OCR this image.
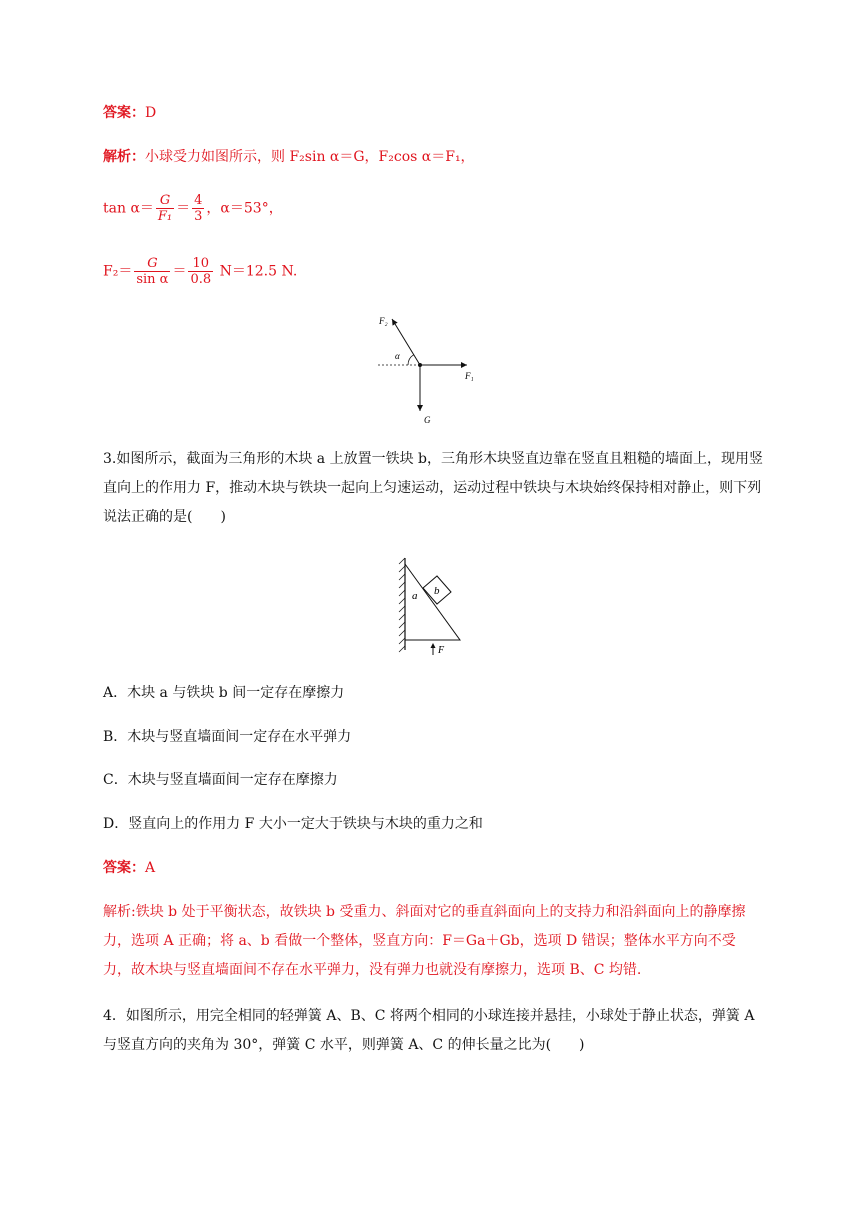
答案：D
解析：小球受力如图所示，则 F₂sin α＝G，F₂cos α＝F₁，
$\tan \alpha= \frac{G}{\text{F₁}} = \frac{4}{3}$ ，α＝53°，
$F_2= \frac{G}{\text{sin α}} = \frac{10}{0.8} N=12.5$ N.
F₂
α
F₁
G
3.如图所示，截面为三角形的木块 a 上放置一铁块 b，三角形木块竖直边靠在竖直且粗糙的墙面上，现用竖直向上的作用力 F，推动木块与铁块一起向上匀速运动，运动过程中铁块与木块始终保持相对静止，则下列说法正确的是(　　)
a b
F
A．木块 a 与铁块 b 间一定存在摩擦力
B．木块与竖直墙面间一定存在水平弹力
C．木块与竖直墙面间一定存在摩擦力
D．竖直向上的作用力 F 大小一定大于铁块与木块的重力之和
答案：A
解析:铁块 b 处于平衡状态，故铁块 b 受重力、斜面对它的垂直斜面向上的支持力和沿斜面向上的静摩擦力，选项 A 正确；将 a、b 看做一个整体，竖直方向：F＝Ga＋Gb，选项 D 错误；整体水平方向不受力，故木块与竖直墙面间不存在水平弹力，没有弹力也就没有摩擦力，选项 B、C 均错.
4．如图所示，用完全相同的轻弹簧 A、B、C 将两个相同的小球连接并悬挂，小球处于静止状态，弹簧 A 与竖直方向的夹角为 30°，弹簧 C 水平，则弹簧 A、C 的伸长量之比为(　　)
